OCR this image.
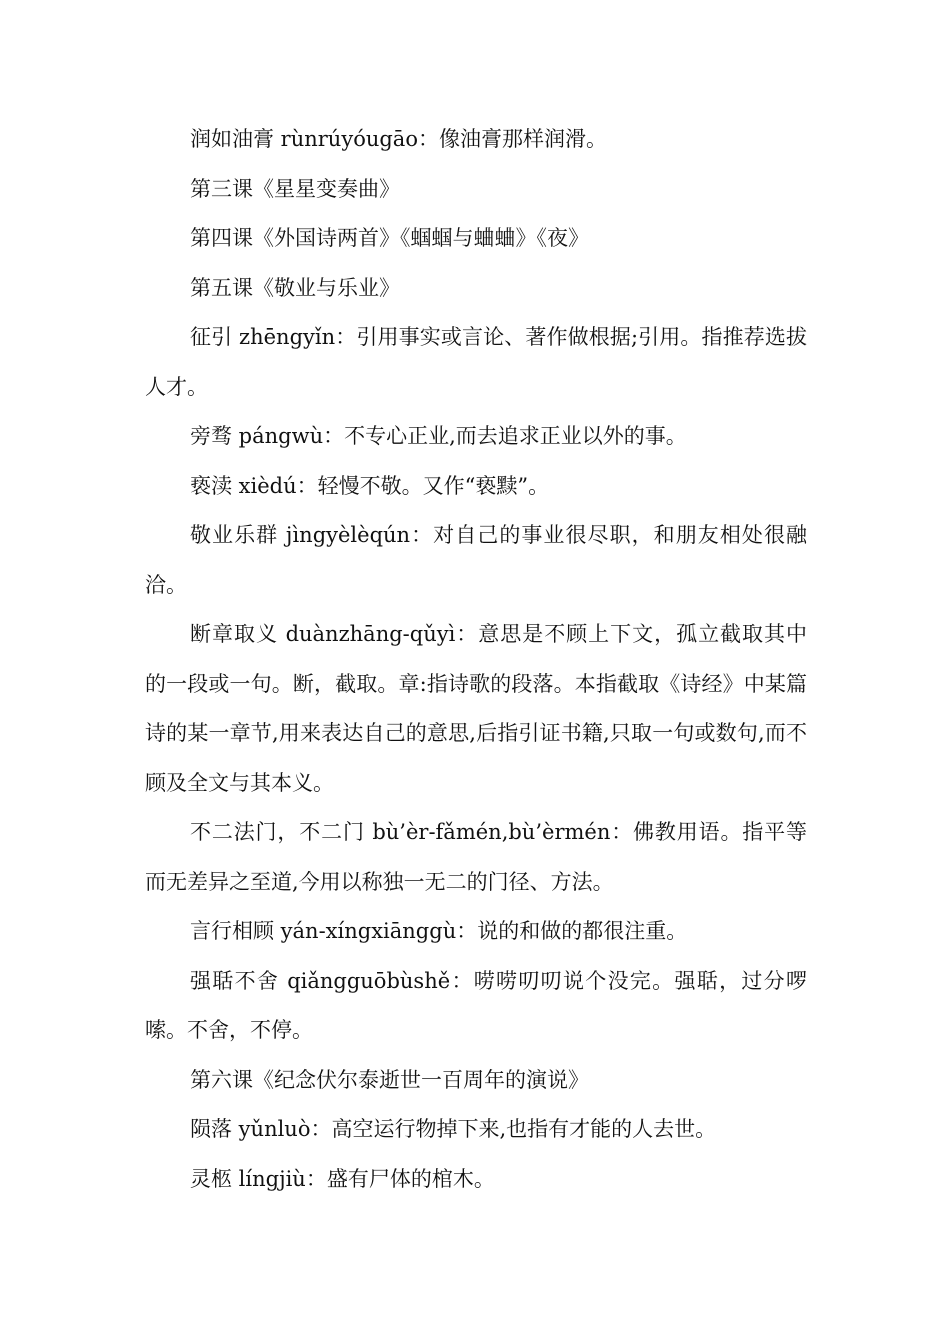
润如油膏 rùnrúyóugāo：像油膏那样润滑。

第三课《星星变奏曲》

第四课《外国诗两首》《蝈蝈与蛐蛐》《夜》

第五课《敬业与乐业》

征引 zhēngyǐn：引用事实或言论、著作做根据;引用。指推荐选拔人才。

旁骛 pángwù：不专心正业,而去追求正业以外的事。

亵渎 xièdú：轻慢不敬。又作“亵黩”。

敬业乐群 jìngyèlèqún：对自己的事业很尽职，和朋友相处很融洽。

断章取义 duànzhāng-qǔyì：意思是不顾上下文，孤立截取其中的一段或一句。断，截取。章:指诗歌的段落。本指截取《诗经》中某篇诗的某一章节,用来表达自己的意思,后指引证书籍,只取一句或数句,而不顾及全文与其本义。

不二法门，不二门 bù’èr-fǎmén,bù’èrmén：佛教用语。指平等而无差异之至道,今用以称独一无二的门径、方法。

言行相顾 yán-xíngxiānggù：说的和做的都很注重。

强聒不舍 qiǎngguōbùshě：唠唠叨叨说个没完。强聒，过分啰嗦。不舍，不停。

第六课《纪念伏尔泰逝世一百周年的演说》

陨落 yǔnluò：高空运行物掉下来,也指有才能的人去世。

灵柩 língjiù：盛有尸体的棺木。
